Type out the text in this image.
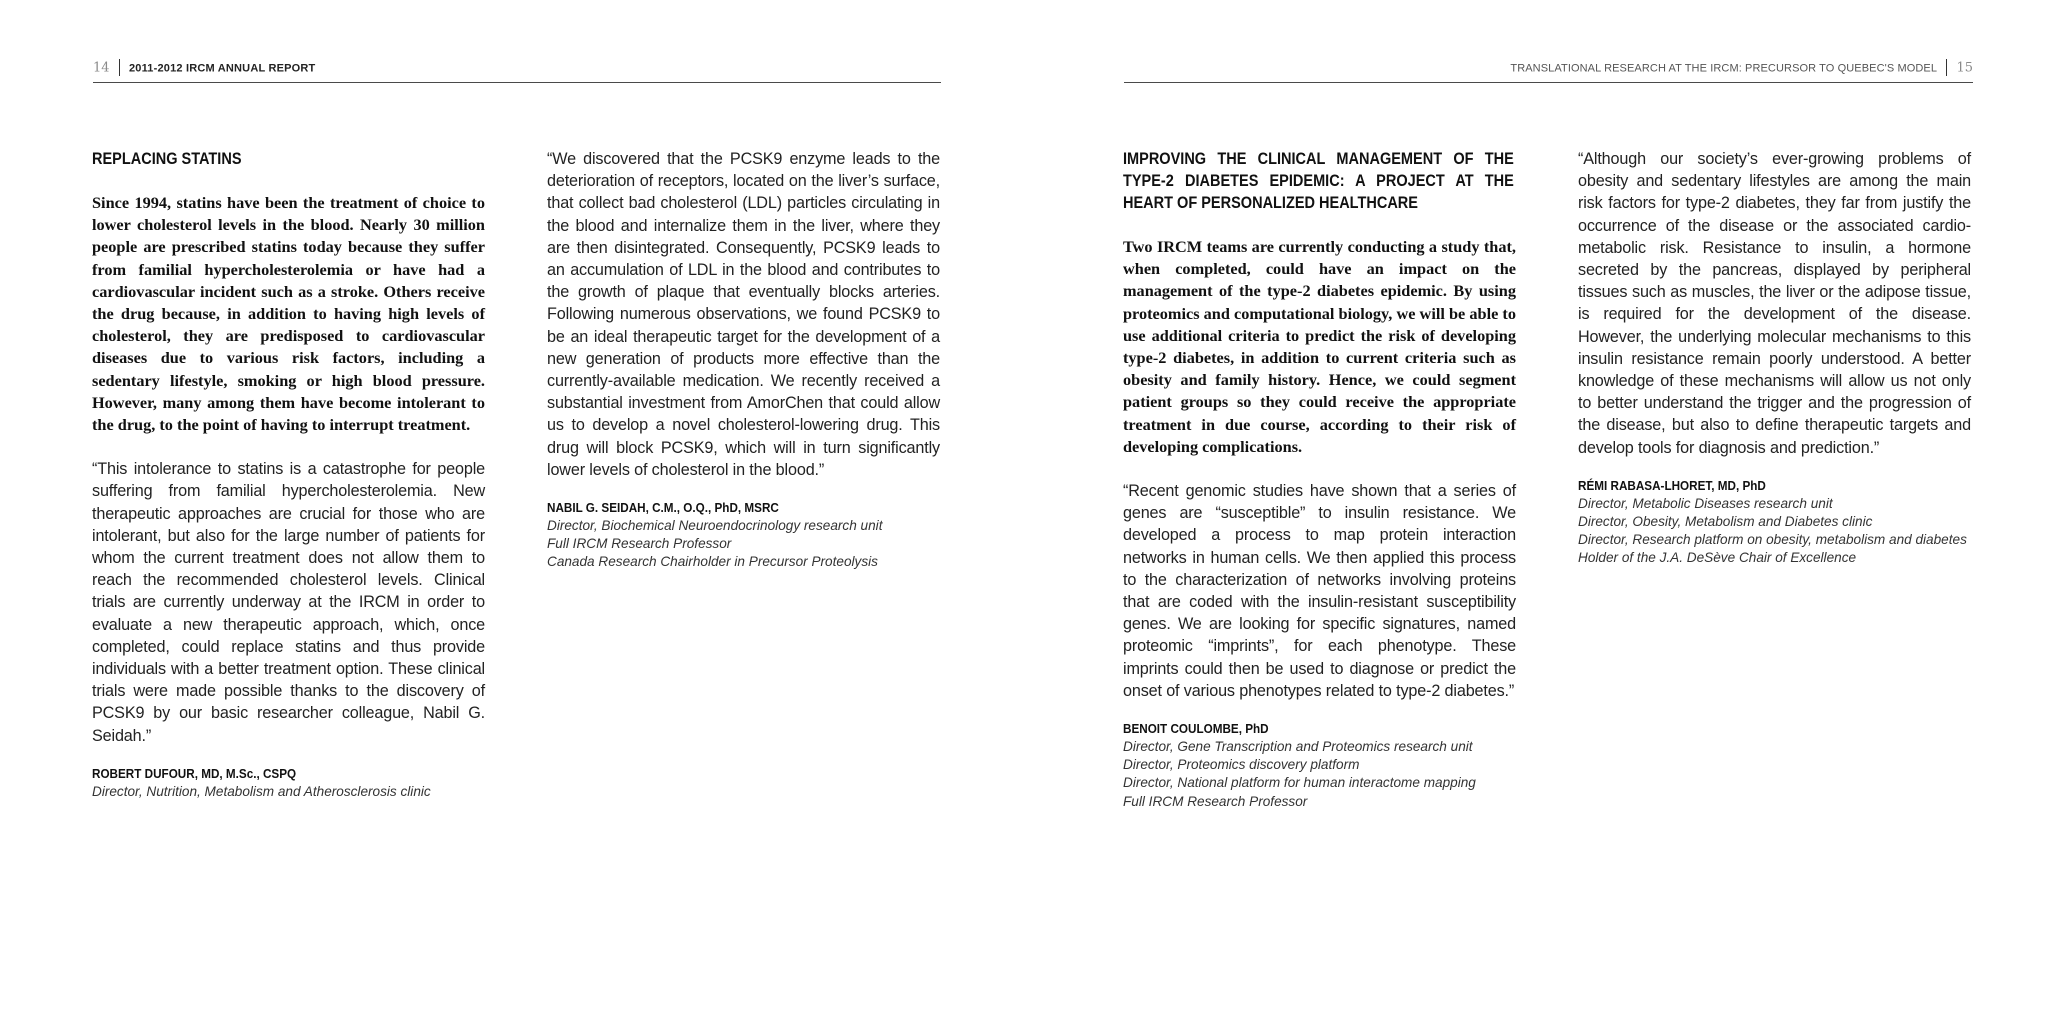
14 2011-2012 IRCM ANNUAL REPORT	TRANSLATIONAL RESEARCH AT THE IRCM: PRECURSOR TO QUEBEC'S MODEL 15
REPLACING STATINS

Since 1994, statins have been the treatment of choice to lower cholesterol levels in the blood. Nearly 30 million people are prescribed statins today because they suffer from familial hypercholesterolemia or have had a cardiovascular incident such as a stroke. Others receive the drug because, in addition to having high levels of cholesterol, they are predisposed to cardiovascular diseases due to various risk factors, including a sedentary lifestyle, smoking or high blood pressure. However, many among them have become intolerant to the drug, to the point of having to interrupt treatment.

“This intolerance to statins is a catastrophe for people suffering from familial hypercholesterolemia. New therapeutic approaches are crucial for those who are intolerant, but also for the large number of patients for whom the current treatment does not allow them to reach the recommended cholesterol levels. Clinical trials are currently underway at the IRCM in order to evaluate a new therapeutic approach, which, once completed, could replace statins and thus provide individuals with a better treatment option. These clinical trials were made possible thanks to the discovery of PCSK9 by our basic researcher colleague, Nabil G. Seidah.”

ROBERT DUFOUR, MD, M.Sc., CSPQ

Director, Nutrition, Metabolism and Atherosclerosis clinic

“We discovered that the PCSK9 enzyme leads to the deterioration of receptors, located on the liver’s surface, that collect bad cholesterol (LDL) particles circulating in the blood and internalize them in the liver, where they are then disintegrated. Consequently, PCSK9 leads to an accumulation of LDL in the blood and contributes to the growth of plaque that eventually blocks arteries. Following numerous observations, we found PCSK9 to be an ideal therapeutic target for the development of a new generation of products more effective than the currently-available medication. We recently received a substantial investment from AmorChen that could allow us to develop a novel cholesterol-lowering drug. This drug will block PCSK9, which will in turn significantly lower levels of cholesterol in the blood.”

NABIL G. SEIDAH, C.M., O.Q., PhD, MSRC

Director, Biochemical Neuroendocrinology research unit
Full IRCM Research Professor
Canada Research Chairholder in Precursor Proteolysis
IMPROVING THE CLINICAL MANAGEMENT OF THE TYPE-2 DIABETES EPIDEMIC: A PROJECT AT THE HEART OF PERSONALIZED HEALTHCARE

Two IRCM teams are currently conducting a study that, when completed, could have an impact on the management of the type-2 diabetes epidemic. By using proteomics and computational biology, we will be able to use additional criteria to predict the risk of developing type-2 diabetes, in addition to current criteria such as obesity and family history. Hence, we could segment patient groups so they could receive the appropriate treatment in due course, according to their risk of developing complications.

“Recent genomic studies have shown that a series of genes are “susceptible” to insulin resistance. We developed a process to map protein interaction networks in human cells. We then applied this process to the characterization of networks involving proteins that are coded with the insulin-resistant susceptibility genes. We are looking for specific signatures, named proteomic “imprints”, for each phenotype. These imprints could then be used to diagnose or predict the onset of various phenotypes related to type-2 diabetes.”

BENOIT COULOMBE, PhD

Director, Gene Transcription and Proteomics research unit
Director, Proteomics discovery platform
Director, National platform for human interactome mapping
Full IRCM Research Professor

“Although our society’s ever-growing problems of obesity and sedentary lifestyles are among the main risk factors for type-2 diabetes, they far from justify the occurrence of the disease or the associated cardio-metabolic risk. Resistance to insulin, a hormone secreted by the pancreas, displayed by peripheral tissues such as muscles, the liver or the adipose tissue, is required for the development of the disease. However, the underlying molecular mechanisms to this insulin resistance remain poorly understood. A better knowledge of these mechanisms will allow us not only to better understand the trigger and the progression of the disease, but also to define therapeutic targets and develop tools for diagnosis and prediction.”

RÉMI RABASA-LHORET, MD, PhD

Director, Metabolic Diseases research unit
Director, Obesity, Metabolism and Diabetes clinic
Director, Research platform on obesity, metabolism and diabetes
Holder of the J.A. DeSève Chair of Excellence
